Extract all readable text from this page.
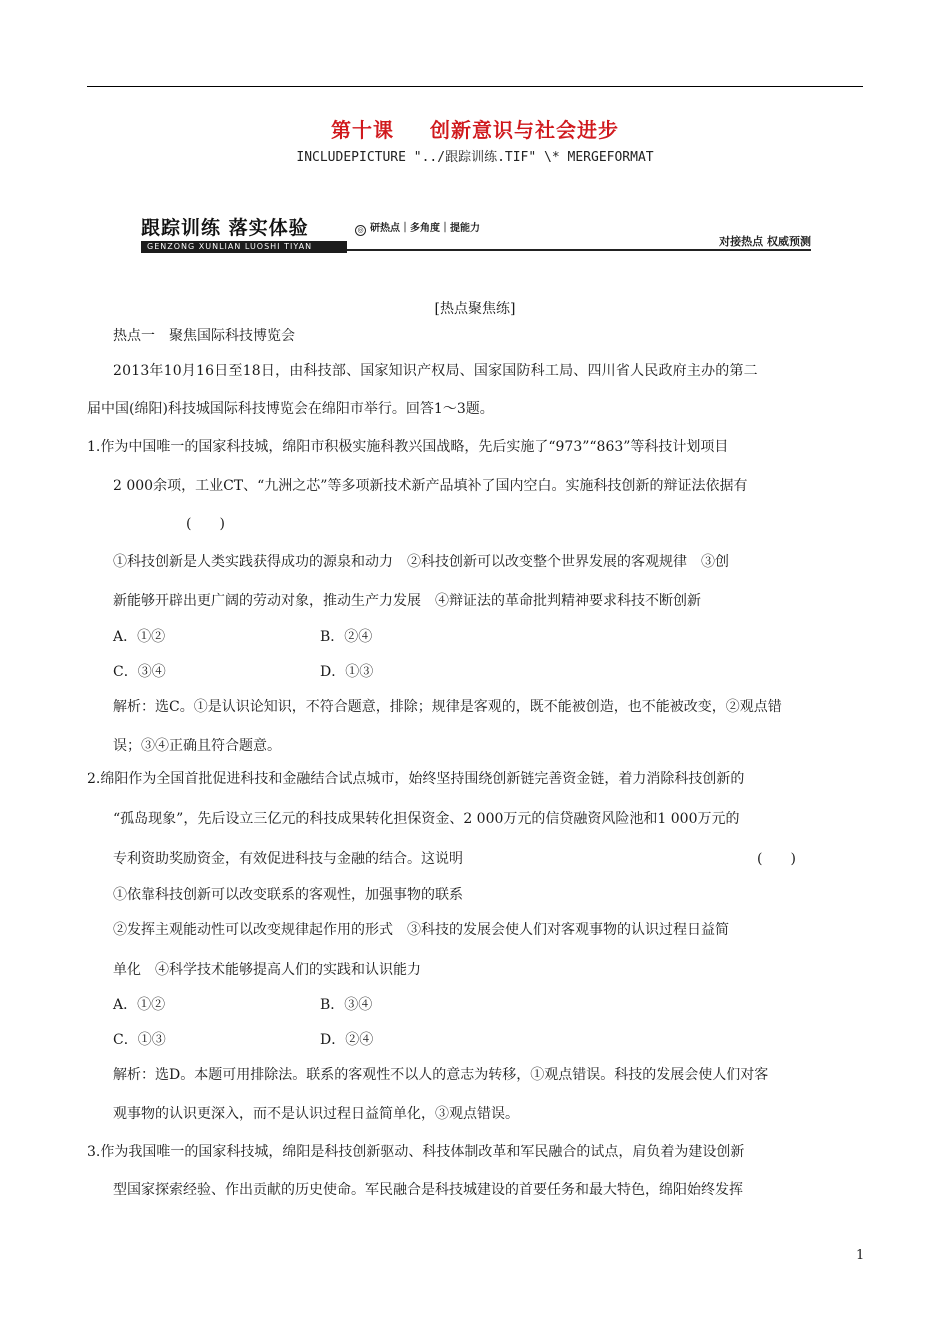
第十课 创新意识与社会进步
INCLUDEPICTURE "../跟踪训练.TIF" \* MERGEFORMAT
跟踪训练 落实体验
GENZONG XUNLIAN LUOSHI TIYAN
◎ 研热点｜多角度｜提能力
对接热点 权威预测
[热点聚焦练]
热点一　聚焦国际科技博览会
2013年10月16日至18日，由科技部、国家知识产权局、国家国防科工局、四川省人民政府主办的第二
届中国(绵阳)科技城国际科技博览会在绵阳市举行。回答1～3题。
1.作为中国唯一的国家科技城，绵阳市积极实施科教兴国战略，先后实施了“973”“863”等科技计划项目
2 000余项，工业CT、“九洲之芯”等多项新技术新产品填补了国内空白。实施科技创新的辩证法依据有
(　　)
①科技创新是人类实践获得成功的源泉和动力　②科技创新可以改变整个世界发展的客观规律　③创
新能够开辟出更广阔的劳动对象，推动生产力发展　④辩证法的革命批判精神要求科技不断创新
A．①②	B．②④
C．③④	D．①③
解析：选C。①是认识论知识，不符合题意，排除；规律是客观的，既不能被创造，也不能被改变，②观点错
误；③④正确且符合题意。
2.绵阳作为全国首批促进科技和金融结合试点城市，始终坚持围绕创新链完善资金链，着力消除科技创新的
“孤岛现象”，先后设立三亿元的科技成果转化担保资金、2 000万元的信贷融资风险池和1 000万元的
专利资助奖励资金，有效促进科技与金融的结合。这说明	(　　)
①依靠科技创新可以改变联系的客观性，加强事物的联系
②发挥主观能动性可以改变规律起作用的形式　③科技的发展会使人们对客观事物的认识过程日益简
单化　④科学技术能够提高人们的实践和认识能力
A．①②	B．③④
C．①③	D．②④
解析：选D。本题可用排除法。联系的客观性不以人的意志为转移，①观点错误。科技的发展会使人们对客
观事物的认识更深入，而不是认识过程日益简单化，③观点错误。
3.作为我国唯一的国家科技城，绵阳是科技创新驱动、科技体制改革和军民融合的试点，肩负着为建设创新
型国家探索经验、作出贡献的历史使命。军民融合是科技城建设的首要任务和最大特色，绵阳始终发挥
1
